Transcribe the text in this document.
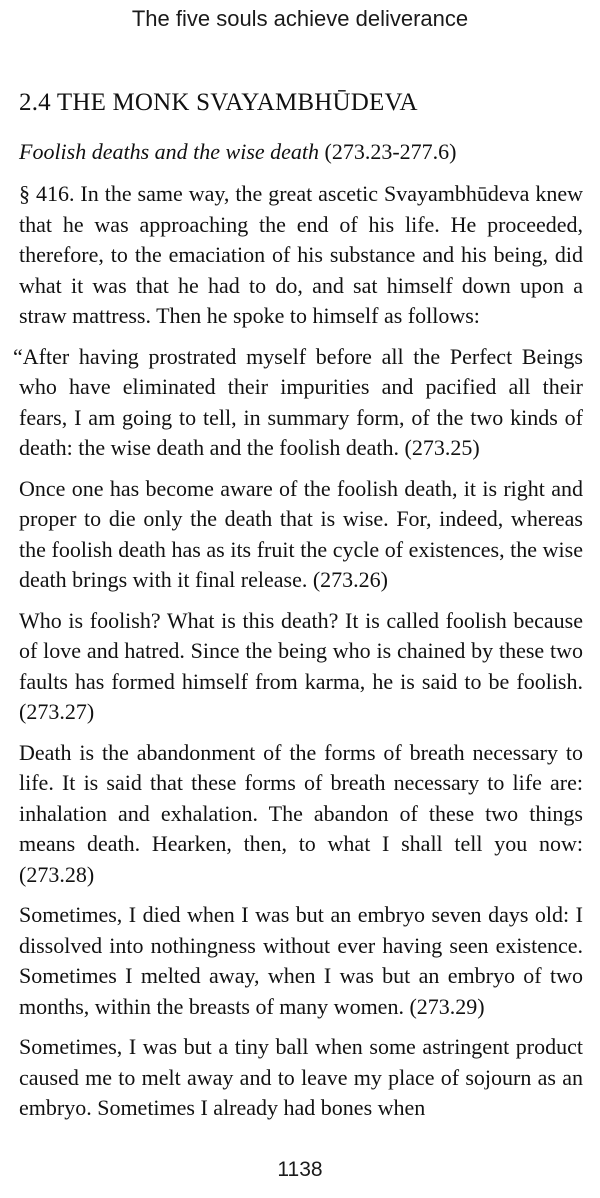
The five souls achieve deliverance
2.4 THE MONK SVAYAMBHŪDEVA
Foolish deaths and the wise death (273.23-277.6)

§ 416. In the same way, the great ascetic Svayambhūdeva knew that he was approaching the end of his life. He proceeded, therefore, to the emaciation of his substance and his being, did what it was that he had to do, and sat himself down upon a straw mattress. Then he spoke to himself as follows:

“After having prostrated myself before all the Perfect Beings who have eliminated their impurities and pacified all their fears, I am going to tell, in summary form, of the two kinds of death: the wise death and the foolish death. (273.25)

Once one has become aware of the foolish death, it is right and proper to die only the death that is wise. For, indeed, whereas the foolish death has as its fruit the cycle of existences, the wise death brings with it final release. (273.26)

Who is foolish? What is this death? It is called foolish because of love and hatred. Since the being who is chained by these two faults has formed himself from karma, he is said to be foolish. (273.27)

Death is the abandonment of the forms of breath necessary to life. It is said that these forms of breath necessary to life are: inhalation and exhalation. The abandon of these two things means death. Hearken, then, to what I shall tell you now: (273.28)

Sometimes, I died when I was but an embryo seven days old: I dissolved into nothingness without ever having seen existence. Sometimes I melted away, when I was but an embryo of two months, within the breasts of many women. (273.29)

Sometimes, I was but a tiny ball when some astringent product caused me to melt away and to leave my place of sojourn as an embryo. Sometimes I already had bones when

1138
